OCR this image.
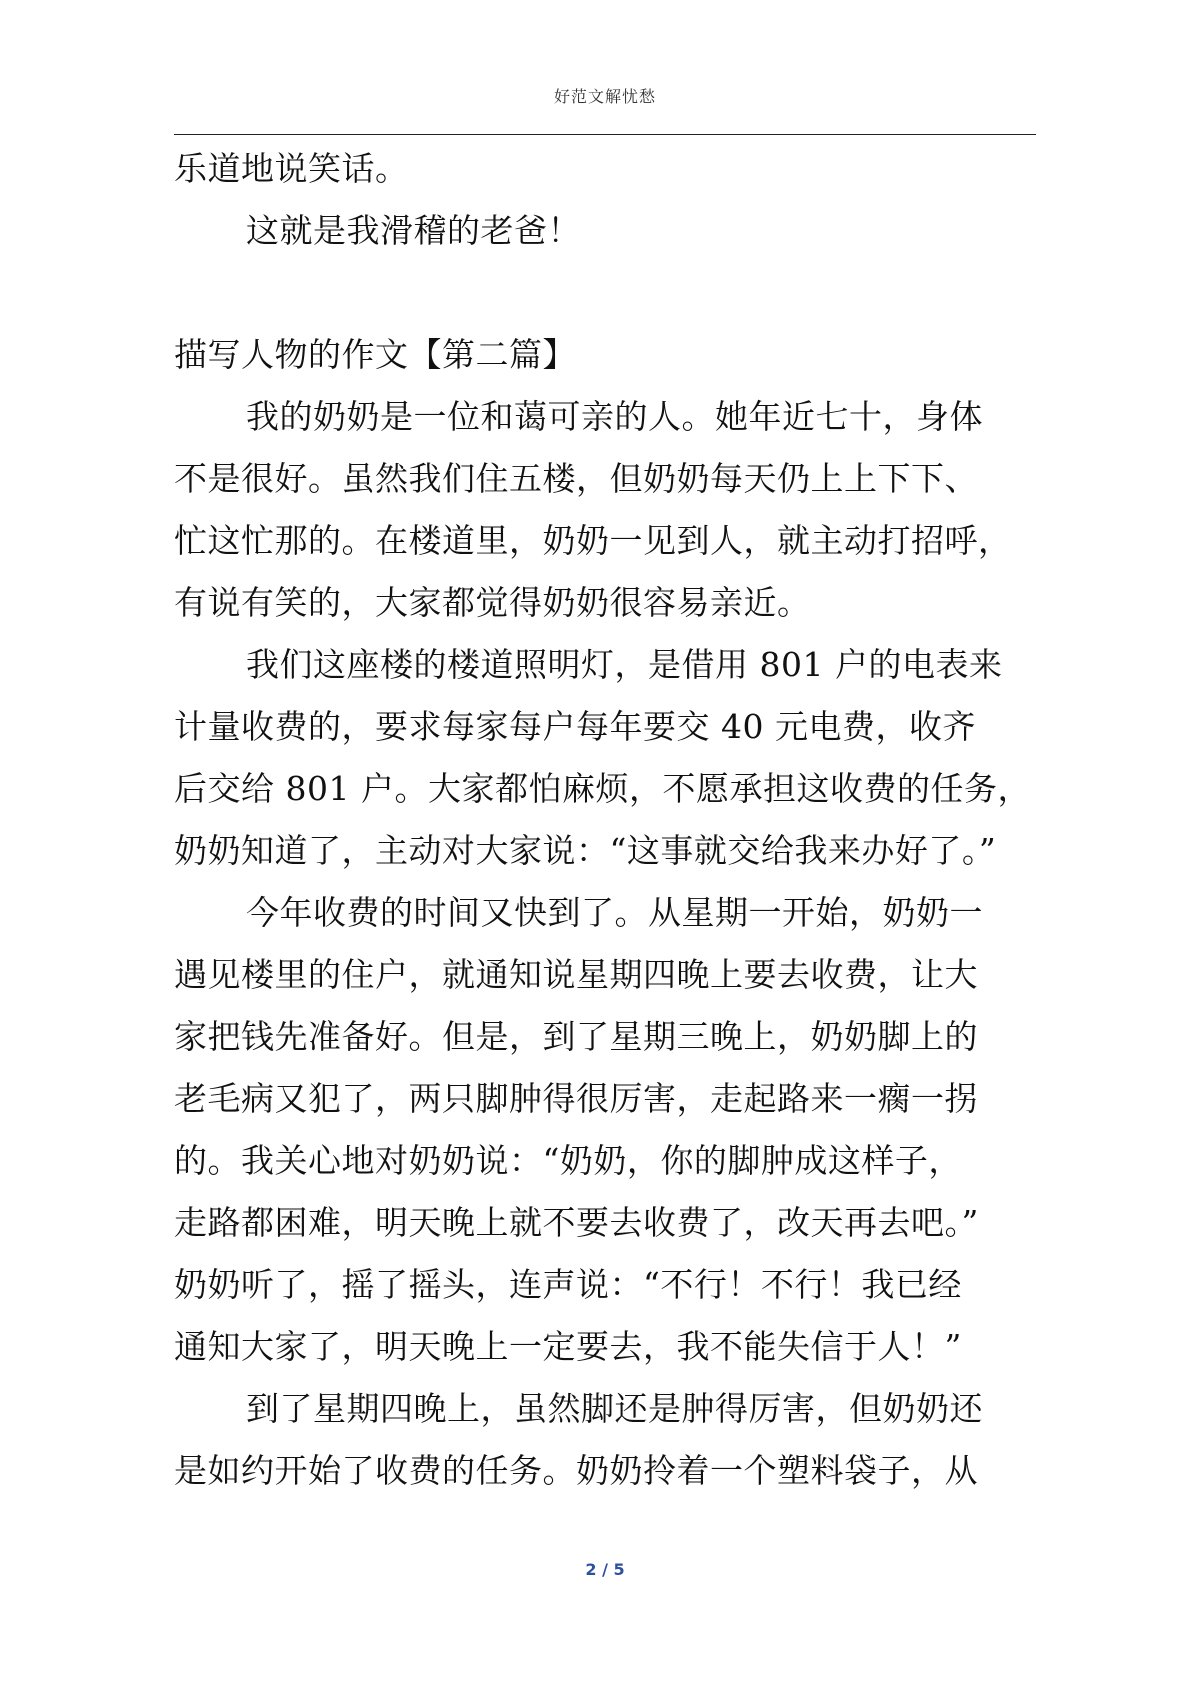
好范文解忧愁

乐道地说笑话。

这就是我滑稽的老爸！

描写人物的作文【第二篇】

我的奶奶是一位和蔼可亲的人。她年近七十，身体

不是很好。虽然我们住五楼，但奶奶每天仍上上下下、

忙这忙那的。在楼道里，奶奶一见到人，就主动打招呼，

有说有笑的，大家都觉得奶奶很容易亲近。

我们这座楼的楼道照明灯，是借用 801 户的电表来

计量收费的，要求每家每户每年要交 40 元电费，收齐

后交给 801 户。大家都怕麻烦，不愿承担这收费的任务，

奶奶知道了，主动对大家说：“这事就交给我来办好了。”

今年收费的时间又快到了。从星期一开始，奶奶一

遇见楼里的住户，就通知说星期四晚上要去收费，让大

家把钱先准备好。但是，到了星期三晚上，奶奶脚上的

老毛病又犯了，两只脚肿得很厉害，走起路来一瘸一拐

的。我关心地对奶奶说：“奶奶，你的脚肿成这样子，

走路都困难，明天晚上就不要去收费了，改天再去吧。”

奶奶听了，摇了摇头，连声说：“不行！不行！我已经

通知大家了，明天晚上一定要去，我不能失信于人！”

到了星期四晚上，虽然脚还是肿得厉害，但奶奶还

是如约开始了收费的任务。奶奶拎着一个塑料袋子，从

2 / 5
